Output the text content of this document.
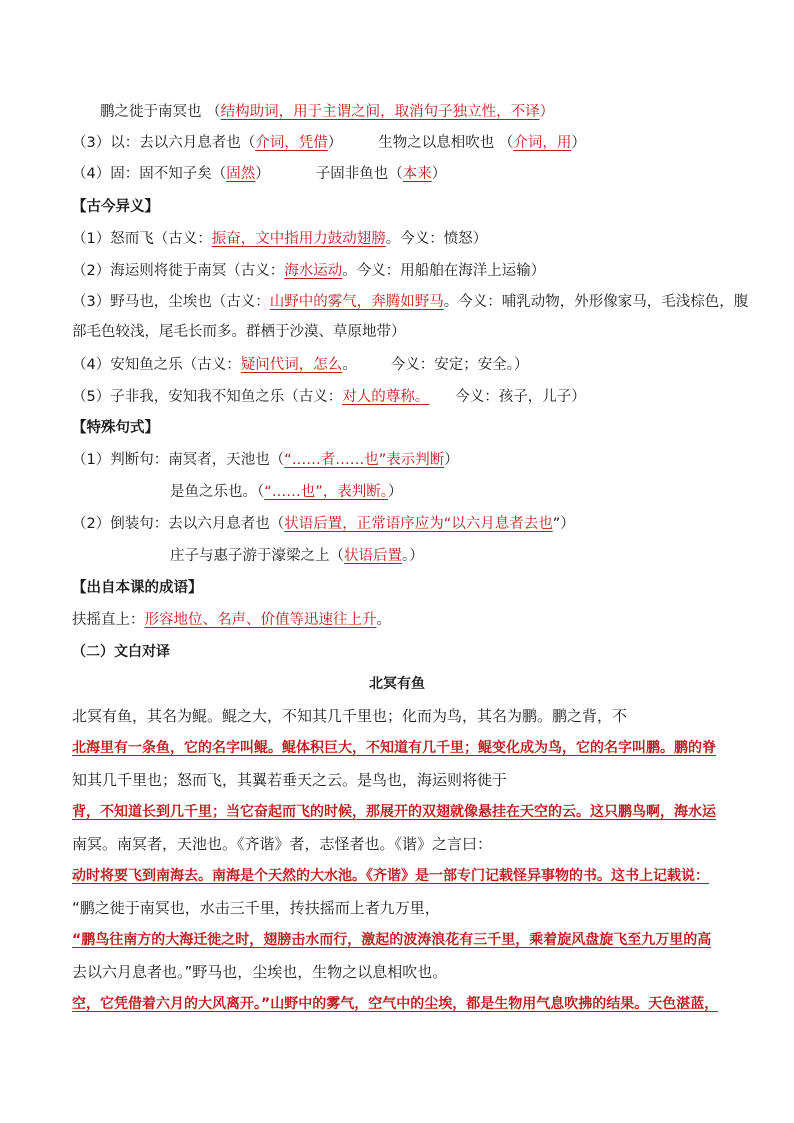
鹏之徙于南冥也 （结构助词，用于主谓之间，取消句子独立性，不译）
（3）以：去以六月息者也（介词，凭借） 生物之以息相吹也 （介词，用）
（4）固：固不知子矣（固然）	子固非鱼也（本来）
【古今异义】
（1）怒而飞（古义：振奋，文中指用力鼓动翅膀。今义：愤怒）
（2）海运则将徙于南冥（古义：海水运动。今义：用船舶在海洋上运输）
（3）野马也，尘埃也（古义：山野中的雾气，奔腾如野马。今义：哺乳动物，外形像家马，毛浅棕色，腹
部毛色较浅，尾毛长而多。群栖于沙漠、草原地带）
（4）安知鱼之乐（古义：疑问代词，怎么。 今义：安定；安全。）
（5）子非我，安知我不知鱼之乐（古义：对人的尊称。 今义：孩子，儿子）
【特殊句式】
（1）判断句：南冥者，天池也（“……者……也”表示判断）
是鱼之乐也。（“……也”，表判断。）
（2）倒装句：去以六月息者也（状语后置，正常语序应为“以六月息者去也”）
庄子与惠子游于濠梁之上（状语后置。）
【出自本课的成语】
扶摇直上：形容地位、名声、价值等迅速往上升。
（二）文白对译
北冥有鱼
北冥有鱼，其名为鲲。鲲之大，不知其几千里也；化而为鸟，其名为鹏。鹏之背，不
北海里有一条鱼，它的名字叫鲲。鲲体积巨大，不知道有几千里；鲲变化成为鸟，它的名字叫鹏。鹏的脊
知其几千里也；怒而飞，其翼若垂天之云。是鸟也，海运则将徙于
背，不知道长到几千里；当它奋起而飞的时候，那展开的双翅就像悬挂在天空的云。这只鹏鸟啊，海水运
南冥。南冥者，天池也。《齐谐》者，志怪者也。《谐》之言曰：
动时将要飞到南海去。南海是个天然的大水池。《齐谐》是一部专门记载怪异事物的书。这书上记载说：
“鹏之徙于南冥也，水击三千里，抟扶摇而上者九万里，
“鹏鸟往南方的大海迁徙之时，翅膀击水而行，激起的波涛浪花有三千里，乘着旋风盘旋飞至九万里的高
去以六月息者也。”野马也，尘埃也，生物之以息相吹也。
空，它凭借着六月的大风离开。”山野中的雾气，空气中的尘埃，都是生物用气息吹拂的结果。天色湛蓝，
